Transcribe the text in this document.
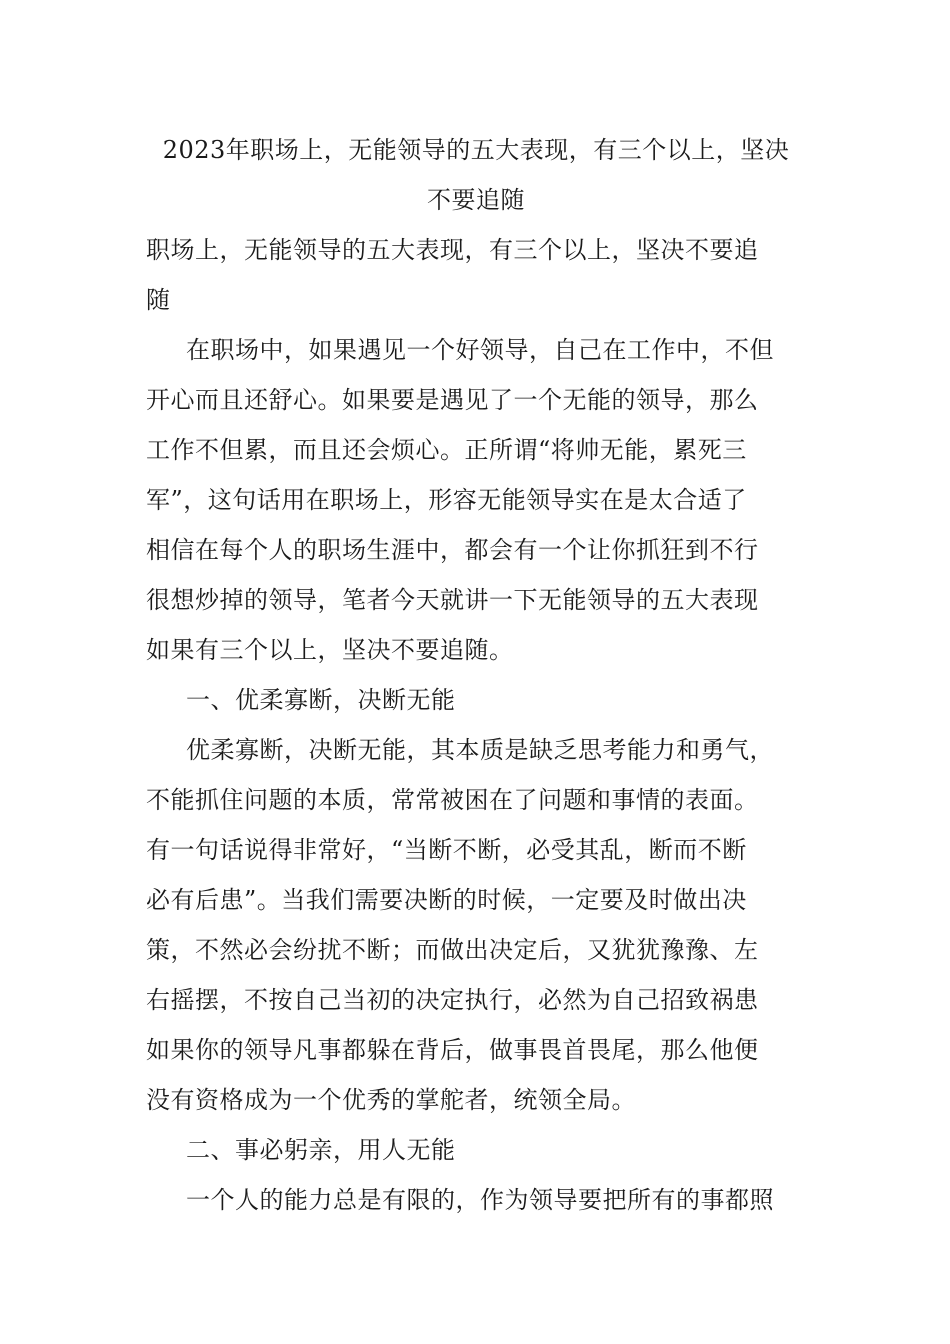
2023年职场上，无能领导的五大表现，有三个以上，坚决
不要追随
职场上，无能领导的五大表现，有三个以上，坚决不要追
随
在职场中，如果遇见一个好领导，自己在工作中，不但
开心而且还舒心。如果要是遇见了一个无能的领导，那么
工作不但累，而且还会烦心。正所谓“将帅无能，累死三
军”，这句话用在职场上，形容无能领导实在是太合适了
相信在每个人的职场生涯中，都会有一个让你抓狂到不行
很想炒掉的领导，笔者今天就讲一下无能领导的五大表现
如果有三个以上，坚决不要追随。
一、优柔寡断，决断无能
优柔寡断，决断无能，其本质是缺乏思考能力和勇气，
不能抓住问题的本质，常常被困在了问题和事情的表面。
有一句话说得非常好，“当断不断，必受其乱，断而不断
必有后患”。当我们需要决断的时候，一定要及时做出决
策，不然必会纷扰不断；而做出决定后，又犹犹豫豫、左
右摇摆，不按自己当初的决定执行，必然为自己招致祸患
如果你的领导凡事都躲在背后，做事畏首畏尾，那么他便
没有资格成为一个优秀的掌舵者，统领全局。
二、事必躬亲，用人无能
一个人的能力总是有限的，作为领导要把所有的事都照
